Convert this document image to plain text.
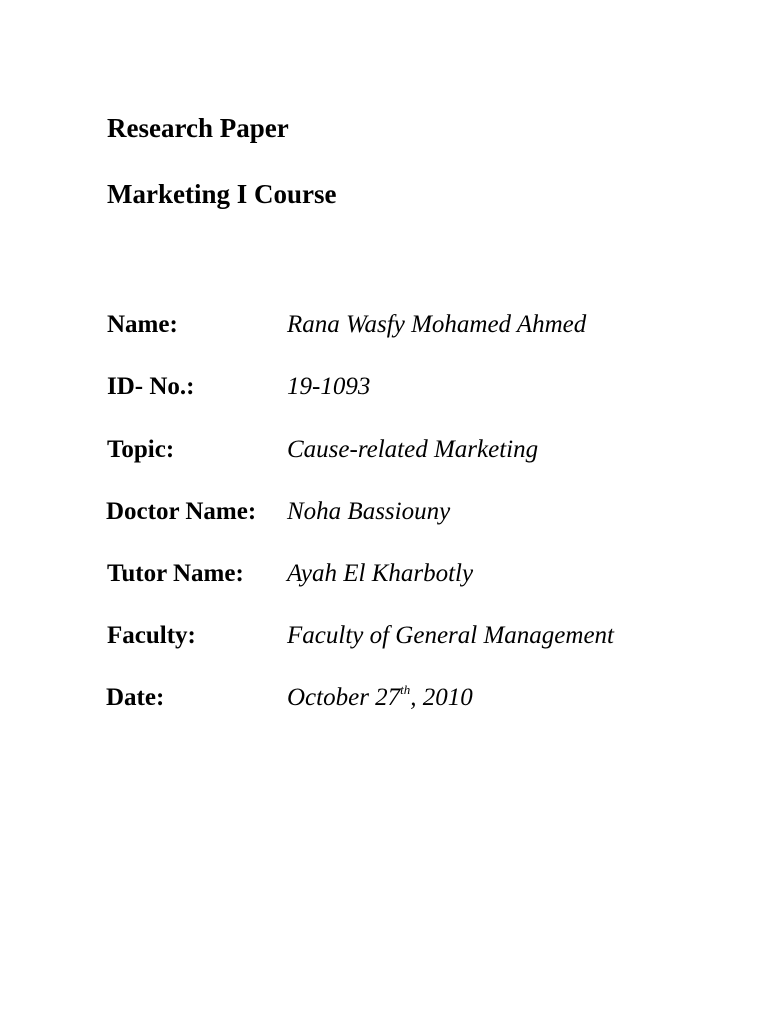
Research Paper
Marketing I Course
Name:	Rana Wasfy Mohamed Ahmed
ID- No.:	19-1093
Topic:	Cause-related Marketing
Doctor Name: Noha Bassiouny
Tutor Name: Ayah El Kharbotly
Faculty:	Faculty of General Management
Date:	October 27th, 2010
